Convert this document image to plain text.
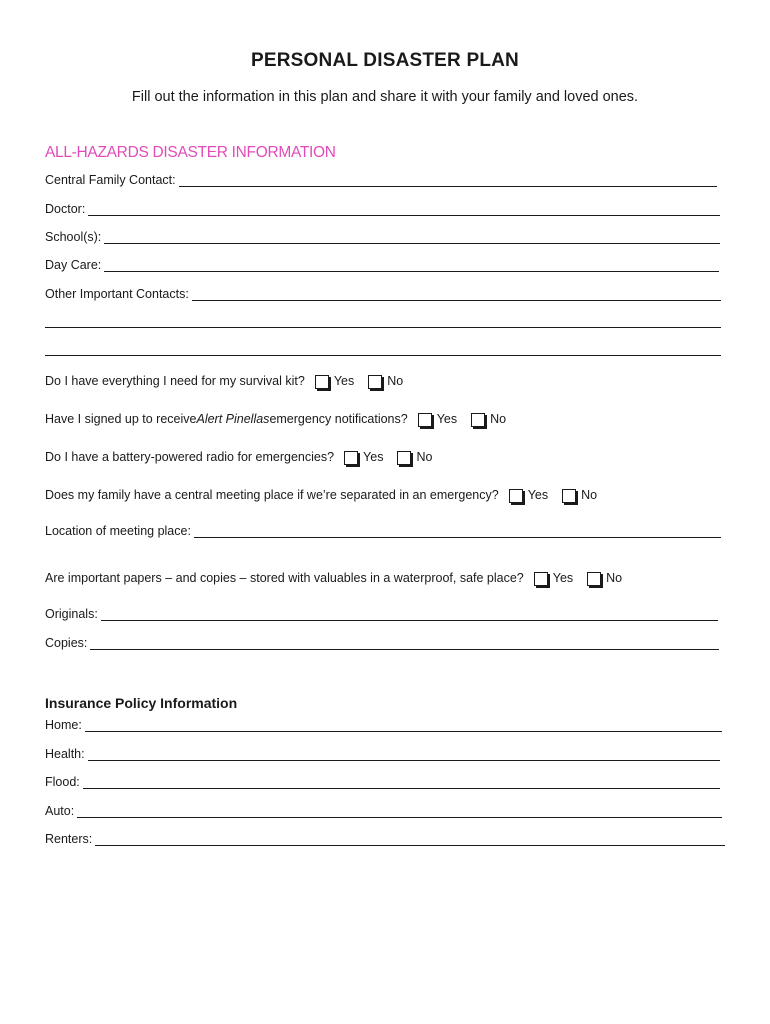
PERSONAL DISASTER PLAN
Fill out the information in this plan and share it with your family and loved ones.
ALL-HAZARDS DISASTER INFORMATION
Central Family Contact:
Doctor:
School(s):
Day Care:
Other Important Contacts:
Do I have everything I need for my survival kit? Yes	No
Have I signed up to receive Alert Pinellas emergency notifications? Yes	No
Do I have a battery-powered radio for emergencies? Yes	No
Does my family have a central meeting place if we’re separated in an emergency? Yes	No
Location of meeting place:
Are important papers – and copies – stored with valuables in a waterproof, safe place? Yes	No
Originals:
Copies:
Insurance Policy Information
Home:
Health:
Flood:
Auto:
Renters:
